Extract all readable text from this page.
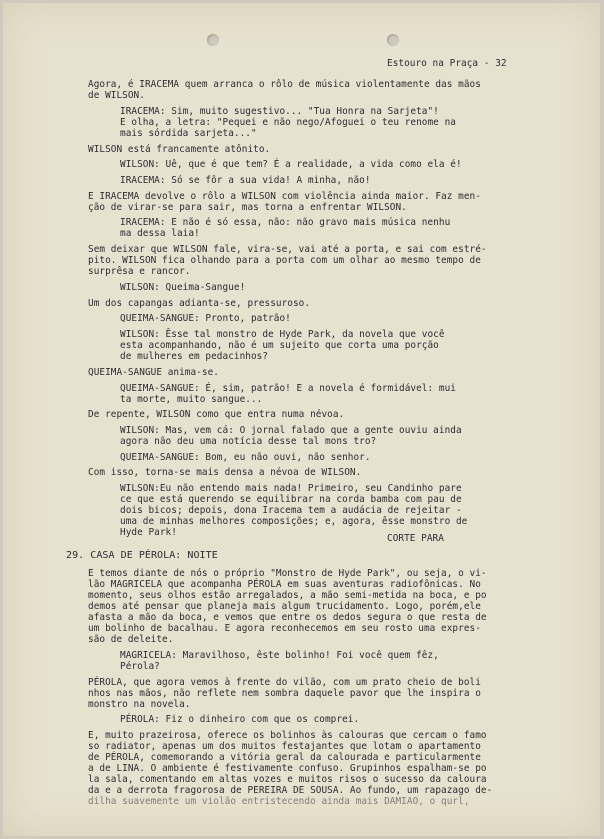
Estouro na Praça - 32
Agora, é IRACEMA quem arranca o rôlo de música violentamente das mãos
de WILSON.
IRACEMA: Sim, muito sugestivo... "Tua Honra na Sarjeta"!
E olha, a letra: "Pequei e não nego/Afoguei o teu renome na
mais sórdida sarjeta..."
WILSON está francamente atônito.
WILSON: Uê, que é que tem? É a realidade, a vida como ela é!
IRACEMA: Só se fôr a sua vida! A minha, não!
E IRACEMA devolve o rôlo a WILSON com violência ainda maior. Faz men-
ção de virar-se para sair, mas torna a enfrentar WILSON.
IRACEMA: E não é só essa, não: não gravo mais música nenhu
ma dessa laia!
Sem deixar que WILSON fale, vira-se, vai até a porta, e sai com estré-
pito. WILSON fica olhando para a porta com um olhar ao mesmo tempo de
surprêsa e rancor.
WILSON: Queima-Sangue!
Um dos capangas adianta-se, pressuroso.
QUEIMA-SANGUE: Pronto, patrão!
WILSON: Êsse tal monstro de Hyde Park, da novela que você
esta acompanhando, não é um sujeito que corta uma porção
de mulheres em pedacinhos?
QUEIMA-SANGUE anima-se.
QUEIMA-SANGUE: É, sim, patrão! E a novela é formidável: mui
ta morte, muito sangue...
De repente, WILSON como que entra numa névoa.
WILSON: Mas, vem cá: O jornal falado que a gente ouviu ainda
agora não deu uma notícia desse tal mons tro?
QUEIMA-SANGUE: Bom, eu não ouvi, não senhor.
Com isso, torna-se mais densa a névoa de WILSON.
WILSON:Eu não entendo mais nada! Primeiro, seu Candinho pare
ce que está querendo se equilibrar na corda bamba com pau de
dois bicos; depois, dona Iracema tem a audácia de rejeitar -
uma de minhas melhores composições; e, agora, êsse monstro de
Hyde Park!
CORTE PARA
29. CASA DE PÉROLA: NOITE
E temos diante de nós o próprio "Monstro de Hyde Park", ou seja, o vi-
lão MAGRICELA que acompanha PÉROLA em suas aventuras radiofônicas. No
momento, seus olhos estão arregalados, a mão semi-metida na boca, e po
demos até pensar que planeja mais algum trucidamento. Logo, porém,ele
afasta a mão da boca, e vemos que entre os dedos segura o que resta de
um bolinho de bacalhau. E agora reconhecemos em seu rosto uma expres-
são de deleite.
MAGRICELA: Maravilhoso, êste bolinho! Foi você quem fêz,
Pérola?
PÉROLA, que agora vemos à frente do vilão, com um prato cheio de boli
nhos nas mãos, não reflete nem sombra daquele pavor que lhe inspira o
monstro na novela.
PÉROLA: Fiz o dinheiro com que os comprei.
E, muito prazeirosa, oferece os bolinhos às calouras que cercam o famo
so radiator, apenas um dos muitos festajantes que lotam o apartamento
de PÉROLA, comemorando a vitória geral da calourada e particularmente
a de LINA. O ambiente é festivamente confuso. Grupinhos espalham-se po
la sala, comentando em altas vozes e muitos risos o sucesso da caloura
da e a derrota fragorosa de PEREIRA DE SOUSA. Ao fundo, um rapazago de-
dilha suavemente um violão entristecendo ainda mais DAMIÃO, o qurl,
